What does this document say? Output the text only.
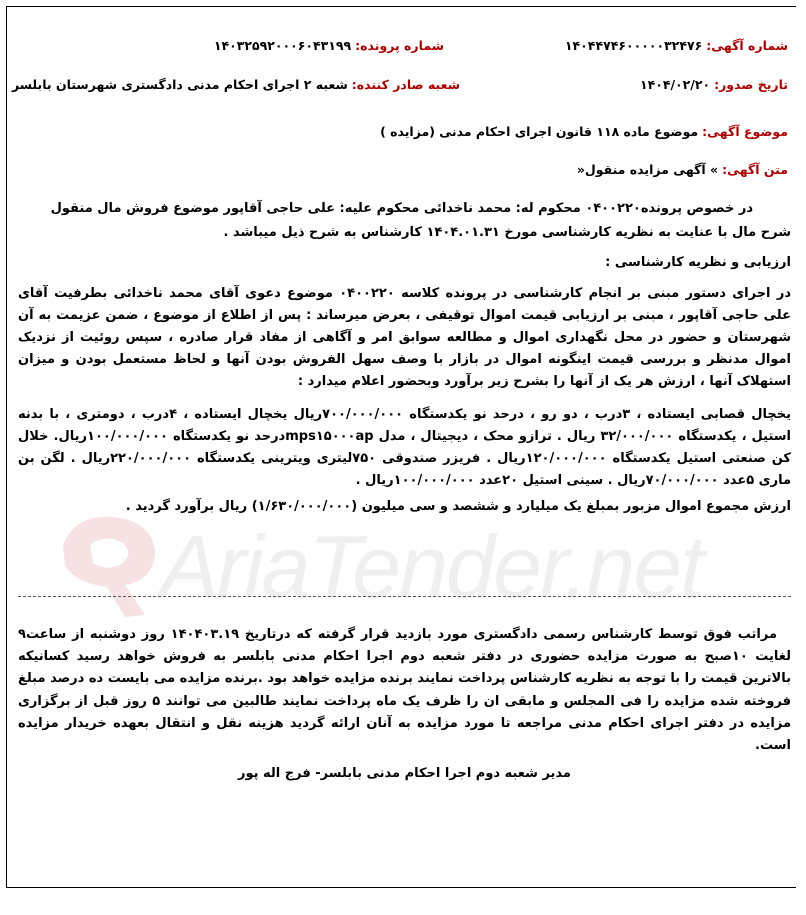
شماره آگهی: ۱۴۰۴۴۷۴۶۰۰۰۰۰۳۲۴۷۶
شماره پرونده: ۱۴۰۳۲۵۹۲۰۰۰۶۰۴۳۱۹۹
تاریخ صدور: ۱۴۰۴/۰۲/۲۰
شعبه صادر کننده: شعبه ۲ اجرای احکام مدنی دادگستری شهرستان بابلسر
موضوع آگهی: موضوع ماده ۱۱۸ قانون اجرای احکام مدنی (مزایده )
متن آگهی: » آگهی مزایده منقول«

در خصوص پرونده۰۴۰۰۲۲۰ محکوم له: محمد ناخدائی محکوم علیه: علی حاجی آقاپور موضوع فروش مال منقول

شرح مال با عنایت به نظریه کارشناسی مورخ ۱۴۰۴.۰۱.۳۱ کارشناس به شرح ذیل میباشد .

ارزیابی و نظریه کارشناسی :

در اجرای دستور مبنی بر انجام کارشناسی در پرونده کلاسه ۰۴۰۰۲۲۰ موضوع دعوی آقای محمد ناخدائی بطرفیت آقای علی حاجی آقاپور ، مبنی بر ارزیابی قیمت اموال توقیفی ، بعرض میرساند : پس از اطلاع از موضوع ، ضمن عزیمت به آن شهرستان و حضور در محل نگهداری اموال و مطالعه سوابق امر و آگاهی از مفاد قرار صادره ، سپس روئیت از نزدیک اموال مدنظر و بررسی قیمت اینگونه اموال در بازار با وصف سهل الفروش بودن آنها و لحاظ مستعمل بودن و میزان استهلاک آنها ، ارزش هر یک از آنها را بشرح زیر برآورد وبحضور اعلام میدارد :

یخچال قصابی ایستاده ، ۳درب ، دو رو ، درحد نو یکدستگاه ۷۰۰/۰۰۰/۰۰۰ریال یخچال ایستاده ، ۴درب ، دومتری ، با بدنه استیل ، یکدستگاه ۳۲/۰۰۰/۰۰۰ ریال . ترازو محک ، دیجیتال ، مدل mps۱۵۰۰۰apدرحد نو یکدستگاه ۱۰۰/۰۰۰/۰۰۰ریال. خلال کن صنعتی استیل یکدستگاه ۱۲۰/۰۰۰/۰۰۰ریال . فریزر صندوقی ۷۵۰لیتری ویترینی یکدستگاه ۲۲۰/۰۰۰/۰۰۰ریال . لگن بن ماری ۵عدد ۷۰/۰۰۰/۰۰۰ریال . سینی استیل ۲۰عدد ۱۰۰/۰۰۰/۰۰۰ریال .

ارزش مجموع اموال مزبور بمبلغ یک میلیارد و ششصد و سی میلیون (۱/۶۳۰/۰۰۰/۰۰۰) ریال برآورد گردید .

مراتب فوق توسط کارشناس رسمی دادگستری مورد بازدید قرار گرفته که درتاریخ ۱۴۰۴۰۳.۱۹ روز دوشنبه از ساعت۹ لغایت ۱۰صبح به صورت مزایده حضوری در دفتر شعبه دوم اجرا احکام مدنی بابلسر به فروش خواهد رسید کسانیکه بالاترین قیمت را با توجه به نظریه کارشناس پرداخت نمایند برنده مزایده خواهد بود .برنده مزایده می بایست ده درصد مبلغ فروخته شده مزایده را فی المجلس و مابقی ان را ظرف یک ماه پرداخت نمایند طالبین می توانند ۵ روز قبل از برگزاری مزایده در دفتر اجرای احکام مدنی مراجعه تا مورد مزایده به آنان ارائه گردید هزینه نقل و انتقال بعهده خریدار مزایده است.

مدیر شعبه دوم اجرا احکام مدنی بابلسر- فرج اله پور
